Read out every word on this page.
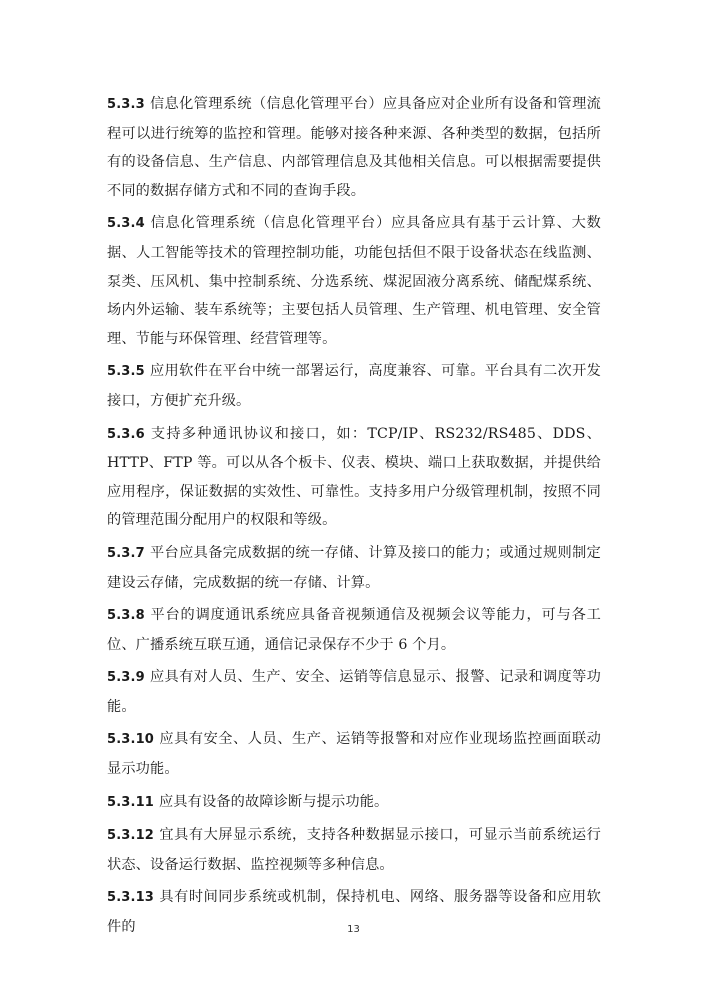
5.3.3 信息化管理系统（信息化管理平台）应具备应对企业所有设备和管理流程可以进行统筹的监控和管理。能够对接各种来源、各种类型的数据，包括所有的设备信息、生产信息、内部管理信息及其他相关信息。可以根据需要提供不同的数据存储方式和不同的查询手段。

5.3.4 信息化管理系统（信息化管理平台）应具备应具有基于云计算、大数据、人工智能等技术的管理控制功能，功能包括但不限于设备状态在线监测、泵类、压风机、集中控制系统、分选系统、煤泥固液分离系统、储配煤系统、场内外运输、装车系统等；主要包括人员管理、生产管理、机电管理、安全管理、节能与环保管理、经营管理等。

5.3.5 应用软件在平台中统一部署运行，高度兼容、可靠。平台具有二次开发接口，方便扩充升级。

5.3.6 支持多种通讯协议和接口，如：TCP/IP、RS232/RS485、DDS、HTTP、FTP 等。可以从各个板卡、仪表、模块、端口上获取数据，并提供给应用程序，保证数据的实效性、可靠性。支持多用户分级管理机制，按照不同的管理范围分配用户的权限和等级。

5.3.7 平台应具备完成数据的统一存储、计算及接口的能力；或通过规则制定建设云存储，完成数据的统一存储、计算。

5.3.8 平台的调度通讯系统应具备音视频通信及视频会议等能力，可与各工位、广播系统互联互通，通信记录保存不少于 6 个月。

5.3.9 应具有对人员、生产、安全、运销等信息显示、报警、记录和调度等功能。

5.3.10 应具有安全、人员、生产、运销等报警和对应作业现场监控画面联动显示功能。

5.3.11 应具有设备的故障诊断与提示功能。

5.3.12 宜具有大屏显示系统，支持各种数据显示接口，可显示当前系统运行状态、设备运行数据、监控视频等多种信息。

5.3.13 具有时间同步系统或机制，保持机电、网络、服务器等设备和应用软件的	13
